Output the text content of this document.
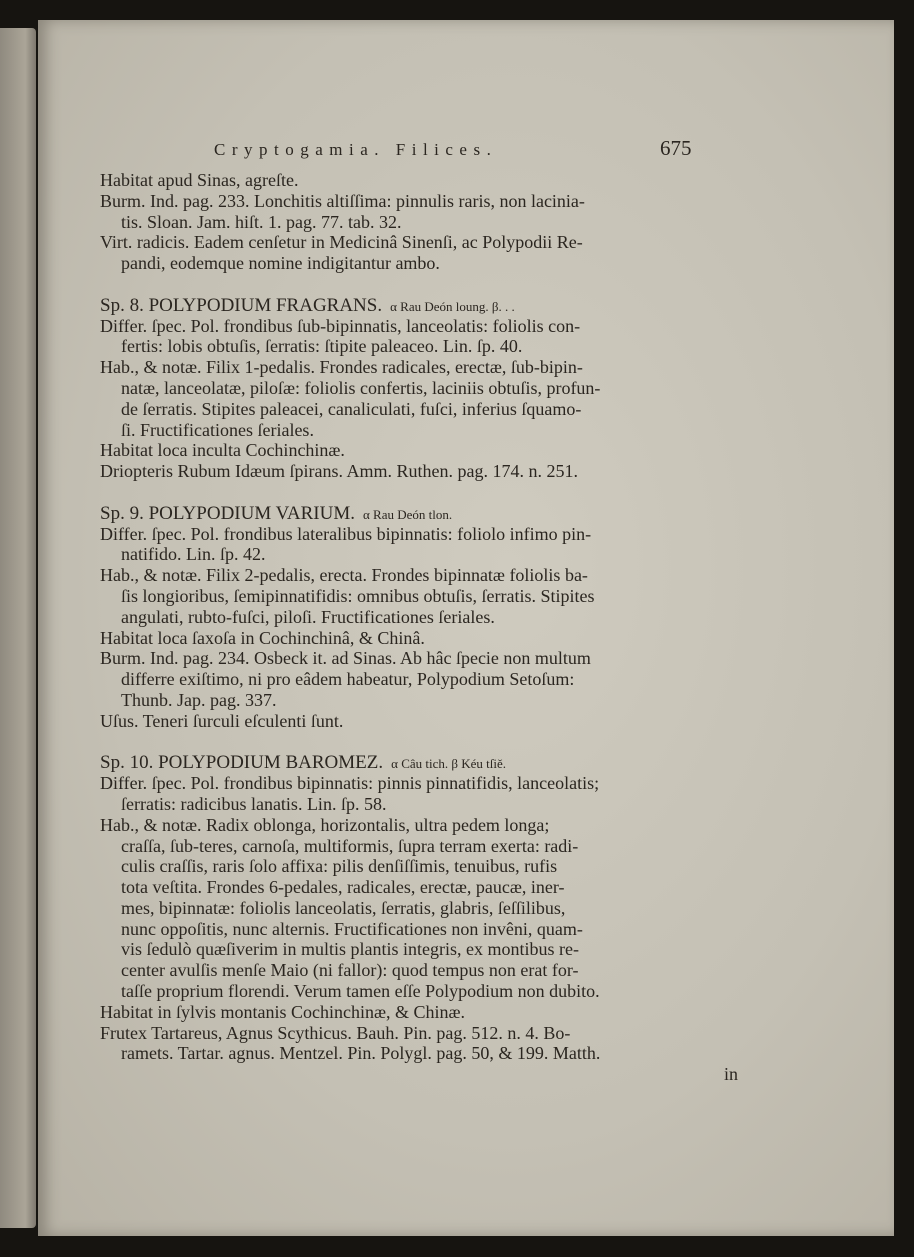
Cryptogamia. Filices.	675
Habitat apud Sinas, agreſte.
Burm. Ind. pag. 233. Lonchitis altiſſima: pinnulis raris, non lacinia-
tis. Sloan. Jam. hiſt. 1. pag. 77. tab. 32.
Virt. radicis. Eadem cenſetur in Medicinâ Sinenſi, ac Polypodii Re-
pandi, eodemque nomine indigitantur ambo.
Sp. 8. POLYPODIUM FRAGRANS. α Rau Deón loung. β. . .
Differ. ſpec. Pol. frondibus ſub-bipinnatis, lanceolatis: foliolis con-
fertis: lobis obtuſis, ſerratis: ſtipite paleaceo. Lin. ſp. 40.
Hab., & notæ. Filix 1-pedalis. Frondes radicales, erectæ, ſub-bipin-
natæ, lanceolatæ, piloſæ: foliolis confertis, laciniis obtuſis, profun-
de ſerratis. Stipites paleacei, canaliculati, fuſci, inferius ſquamo-
ſi. Fructificationes ſeriales.
Habitat loca inculta Cochinchinæ.
Driopteris Rubum Idæum ſpirans. Amm. Ruthen. pag. 174. n. 251.
Sp. 9. POLYPODIUM VARIUM. α Rau Deón tlon.
Differ. ſpec. Pol. frondibus lateralibus bipinnatis: foliolo infimo pin-
natifido. Lin. ſp. 42.
Hab., & notæ. Filix 2-pedalis, erecta. Frondes bipinnatæ foliolis ba-
ſis longioribus, ſemipinnatifidis: omnibus obtuſis, ſerratis. Stipites
angulati, rubto-fuſci, piloſi. Fructificationes ſeriales.
Habitat loca ſaxoſa in Cochinchinâ, & Chinâ.
Burm. Ind. pag. 234. Osbeck it. ad Sinas. Ab hâc ſpecie non multum
differre exiſtimo, ni pro eâdem habeatur, Polypodium Setoſum:
Thunb. Jap. pag. 337.
Uſus. Teneri ſurculi eſculenti ſunt.
Sp. 10. POLYPODIUM BAROMEZ. α Câu tich. β Kéu tſiě.
Differ. ſpec. Pol. frondibus bipinnatis: pinnis pinnatifidis, lanceolatis;
ſerratis: radicibus lanatis. Lin. ſp. 58.
Hab., & notæ. Radix oblonga, horizontalis, ultra pedem longa;
craſſa, ſub-teres, carnoſa, multiformis, ſupra terram exerta: radi-
culis craſſis, raris ſolo affixa: pilis denſiſſimis, tenuibus, rufis
tota veſtita. Frondes 6-pedales, radicales, erectæ, paucæ, iner-
mes, bipinnatæ: foliolis lanceolatis, ſerratis, glabris, ſeſſilibus,
nunc oppoſitis, nunc alternis. Fructificationes non invêni, quam-
vis ſedulò quæſiverim in multis plantis integris, ex montibus re-
center avulſis menſe Maio (ni fallor): quod tempus non erat for-
taſſe proprium florendi. Verum tamen eſſe Polypodium non dubito.
Habitat in ſylvis montanis Cochinchinæ, & Chinæ.
Frutex Tartareus, Agnus Scythicus. Bauh. Pin. pag. 512. n. 4. Bo-
ramets. Tartar. agnus. Mentzel. Pin. Polygl. pag. 50, & 199. Matth.
in
